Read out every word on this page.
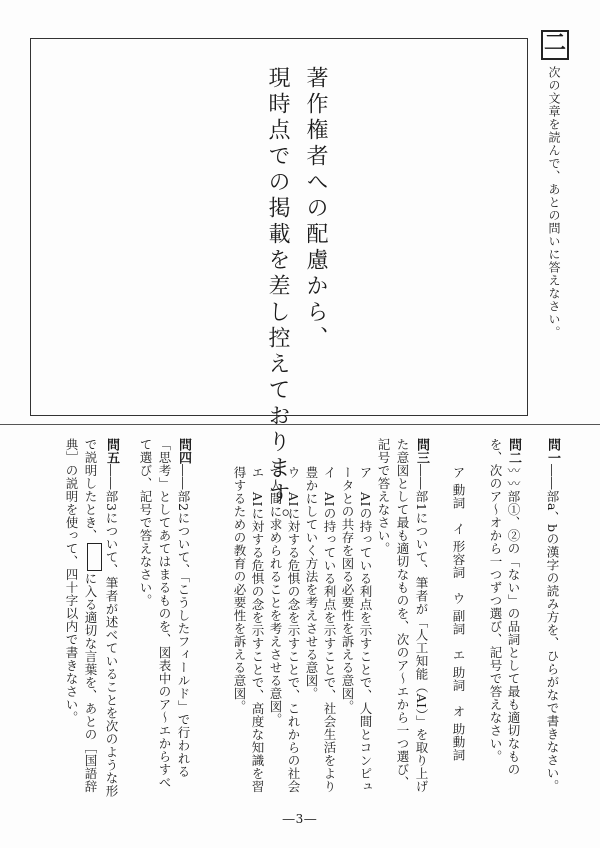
二
次の文章を読んで、あとの問いに答えなさい。
著作権者への配慮から、
現時点での掲載を差し控えております。	問一――部a、bの漢字の読み方を、ひらがなで書きなさい。
問二〰〰部①、②の「ない」の品詞として最も適切なものを、次のア～オから一つずつ選び、記号で答えなさい。
ア 動詞　イ 形容詞　ウ 副詞　エ 助詞　オ 助動詞
問三――部1について、筆者が「人工知能（AI）」を取り上げた意図として最も適切なものを、次のア～エから一つ選び、記号で答えなさい。
ア　AIの持っている利点を示すことで、人間とコンピュータとの共存を図る必要性を訴える意図。
イ　AIの持っている利点を示すことで、社会生活をより豊かにしていく方法を考えさせる意図。
ウ　AIに対する危惧の念を示すことで、これからの社会で人間に求められることを考えさせる意図。
エ　AIに対する危惧の念を示すことで、高度な知識を習得するための教育の必要性を訴える意図。
問四――部2について、「こうしたフィールド」で行われる「思考」としてあてはまるものを、図表中のア～エからすべて選び、記号で答えなさい。
問五――部3について、筆者が述べていることを次のような形で説明したとき、に入る適切な言葉を、あとの［国語辞典］の説明を使って、四十字以内で書きなさい。
―3―
